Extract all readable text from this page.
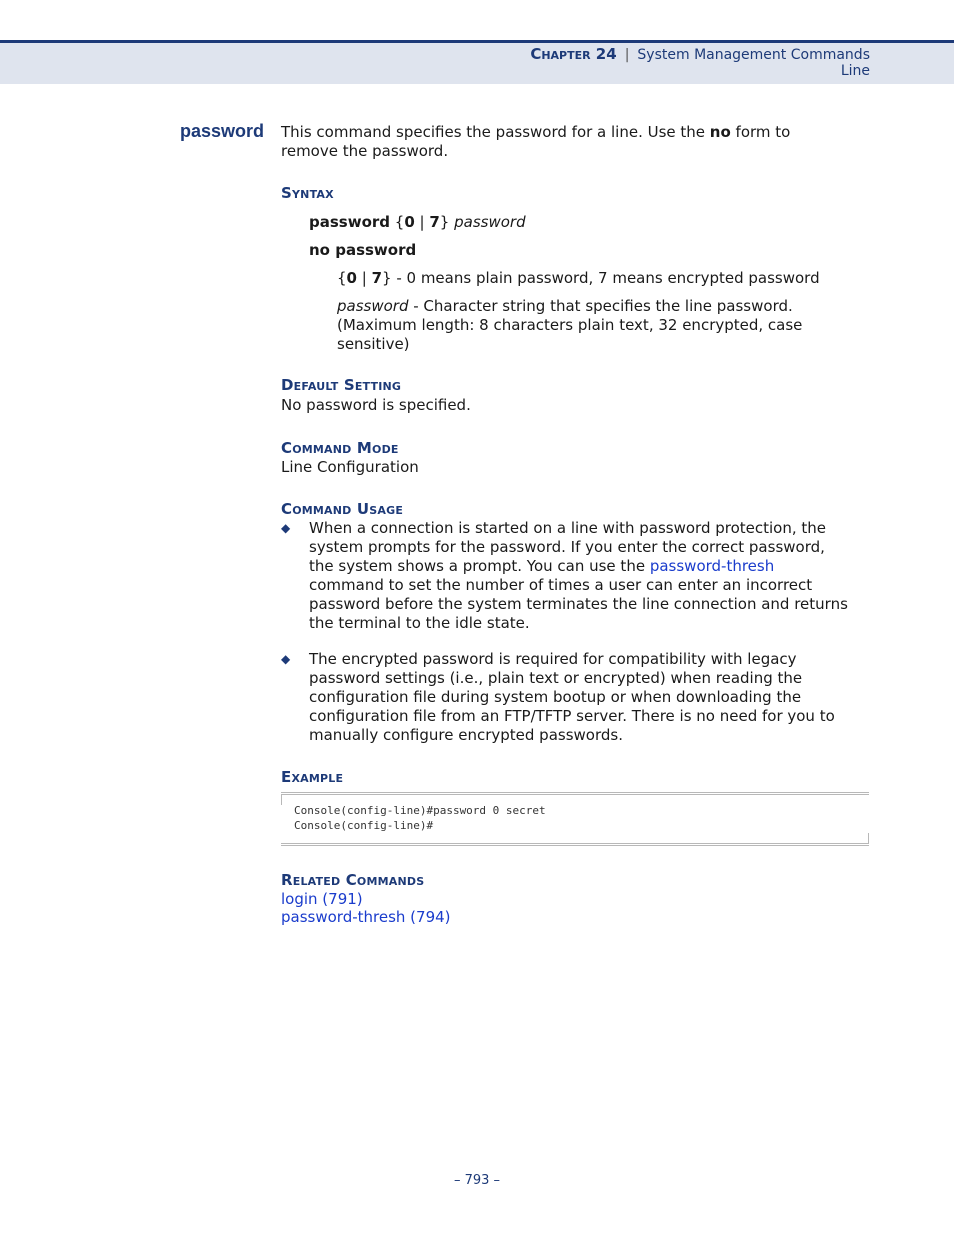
Chapter 24 | System Management Commands
Line
password This command specifies the password for a line. Use the no form to
remove the password.
Syntax
password {0 | 7} password
no password
{0 | 7} - 0 means plain password, 7 means encrypted password
password - Character string that specifies the line password.
(Maximum length: 8 characters plain text, 32 encrypted, case
sensitive)
Default Setting
No password is specified.
Command Mode
Line Configuration
Command Usage
◆ When a connection is started on a line with password protection, the
system prompts for the password. If you enter the correct password,
the system shows a prompt. You can use the password-thresh
command to set the number of times a user can enter an incorrect
password before the system terminates the line connection and returns
the terminal to the idle state.
◆ The encrypted password is required for compatibility with legacy
password settings (i.e., plain text or encrypted) when reading the
configuration file during system bootup or when downloading the
configuration file from an FTP/TFTP server. There is no need for you to
manually configure encrypted passwords.
Example
Console(config-line)#password 0 secret
Console(config-line)#
Related Commands
login (791)
password-thresh (794)
– 793 –
